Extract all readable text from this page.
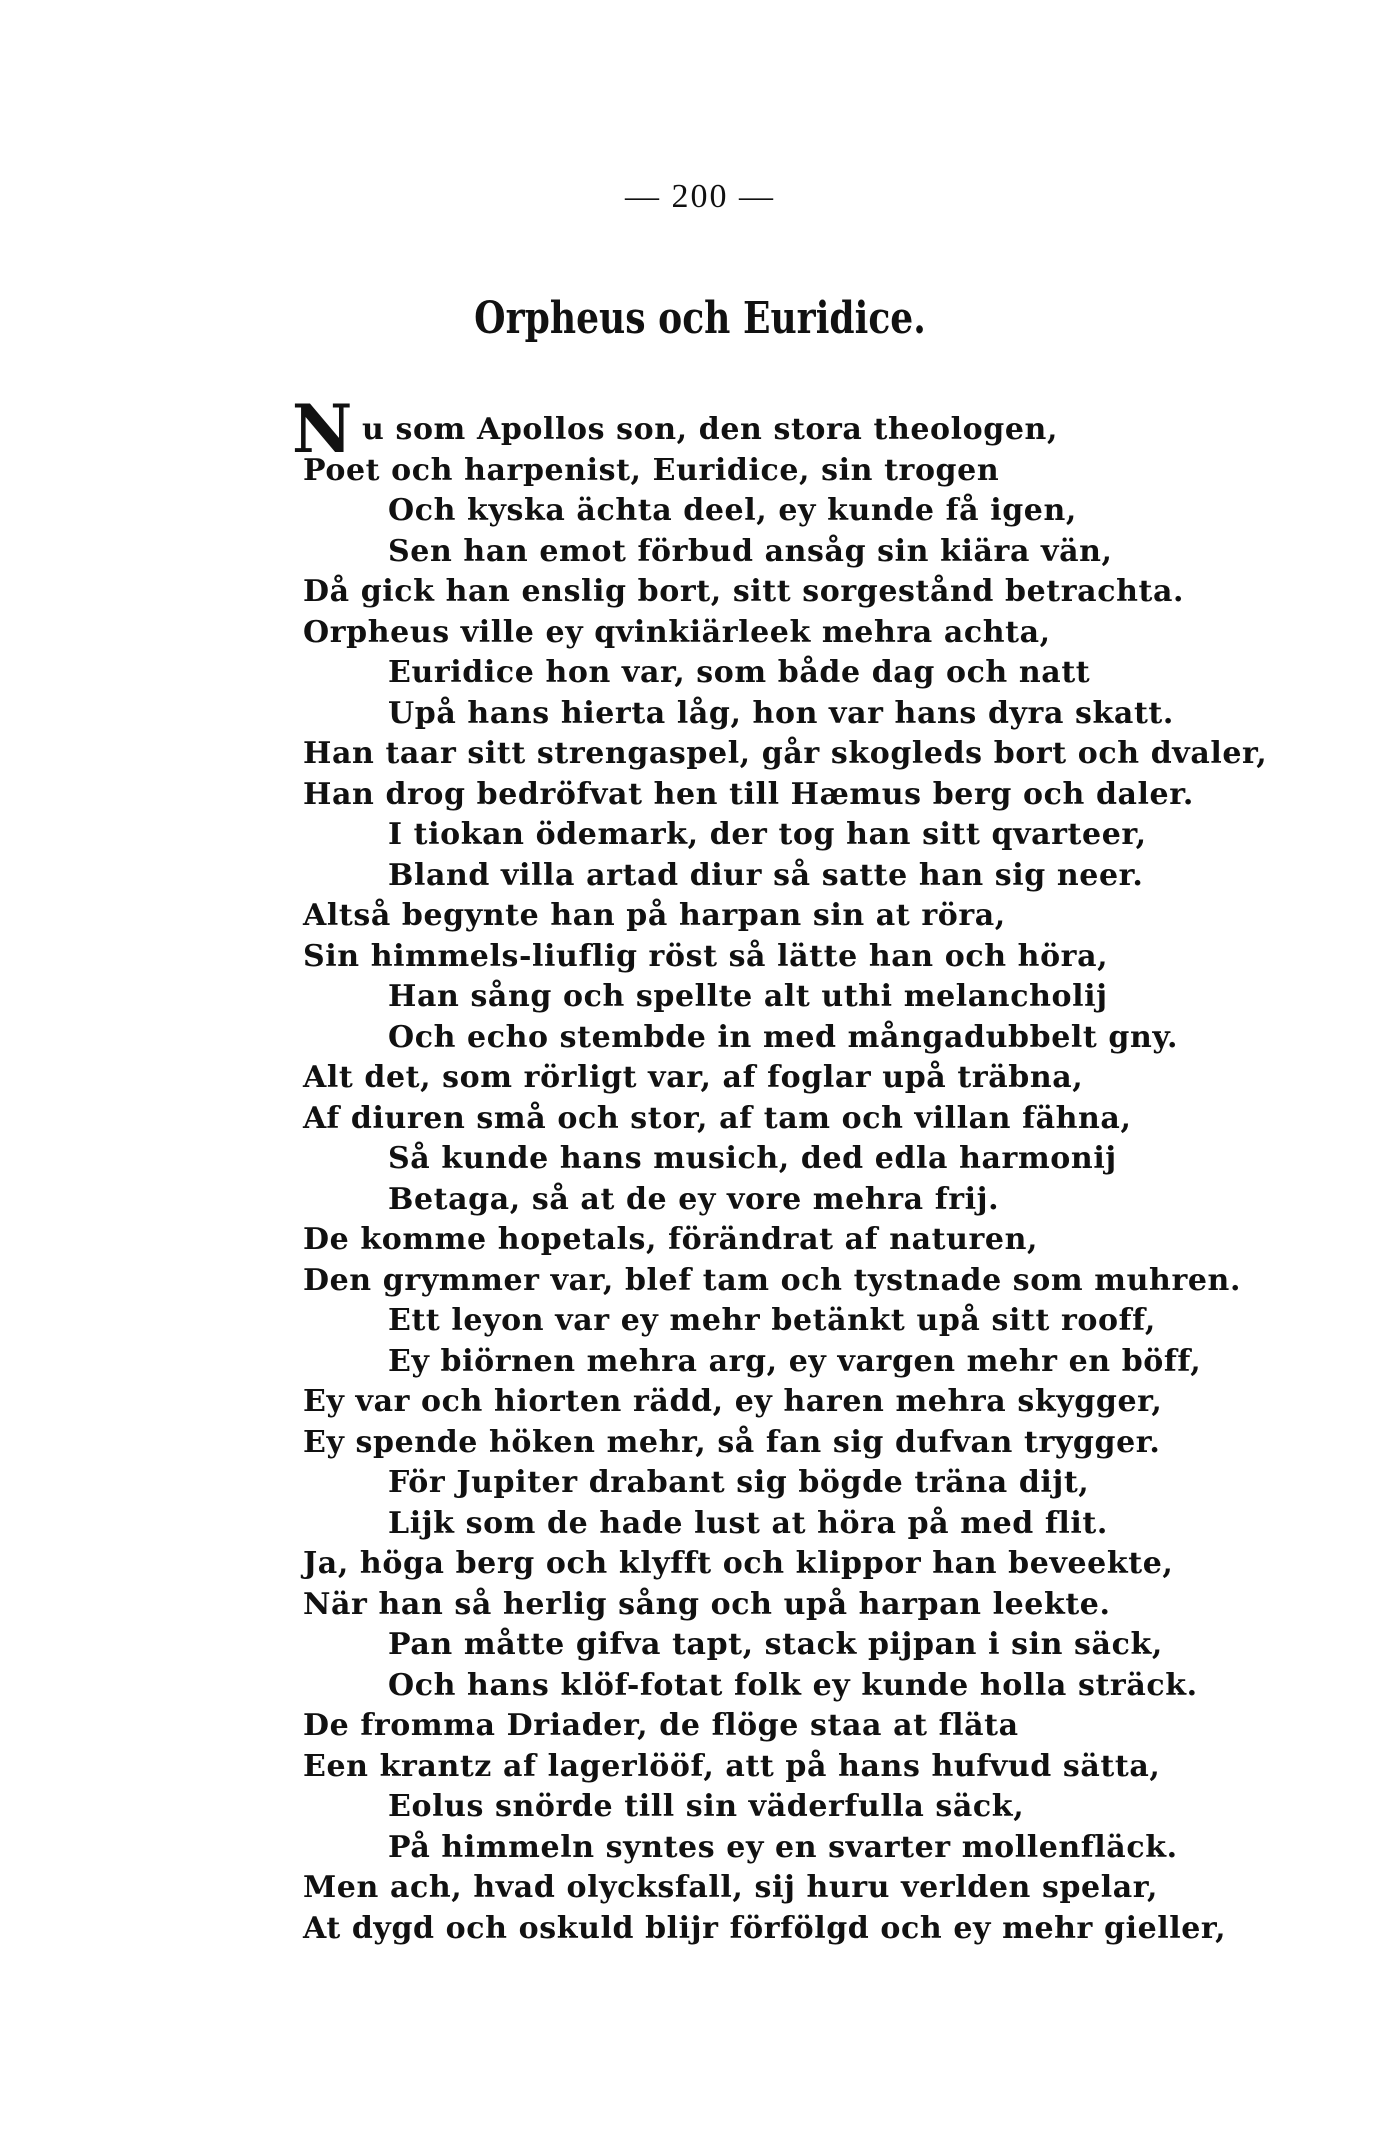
— 200 —
Orpheus och Euridice.
N u som Apollos son, den stora theologen,
Poet och harpenist, Euridice, sin trogen
Och kyska ächta deel, ey kunde få igen,
Sen han emot förbud ansåg sin kiära vän,
Då gick han enslig bort, sitt sorgestånd betrachta.
Orpheus ville ey qvinkiärleek mehra achta,
Euridice hon var, som både dag och natt
Upå hans hierta låg, hon var hans dyra skatt.
Han taar sitt strengaspel, går skogleds bort och dvaler,
Han drog bedröfvat hen till Hæmus berg och daler.
I tiokan ödemark, der tog han sitt qvarteer,
Bland villa artad diur så satte han sig neer.
Altså begynte han på harpan sin at röra,
Sin himmels-liuflig röst så lätte han och höra,
Han sång och spellte alt uthi melancholij
Och echo stembde in med mångadubbelt gny.
Alt det, som rörligt var, af foglar upå träbna,
Af diuren små och stor, af tam och villan fähna,
Så kunde hans musich, ded edla harmonij
Betaga, så at de ey vore mehra frij.
De komme hopetals, förändrat af naturen,
Den grymmer var, blef tam och tystnade som muhren.
Ett leyon var ey mehr betänkt upå sitt rooff,
Ey biörnen mehra arg, ey vargen mehr en böff,
Ey var och hiorten rädd, ey haren mehra skygger,
Ey spende höken mehr, så fan sig dufvan trygger.
För Jupiter drabant sig bögde träna dijt,
Lijk som de hade lust at höra på med flit.
Ja, höga berg och klyfft och klippor han beveekte,
När han så herlig sång och upå harpan leekte.
Pan måtte gifva tapt, stack pijpan i sin säck,
Och hans klöf-fotat folk ey kunde holla sträck.
De fromma Driader, de flöge staa at fläta
Een krantz af lagerlööf, att på hans hufvud sätta,
Eolus snörde till sin väderfulla säck,
På himmeln syntes ey en svarter mollenfläck.
Men ach, hvad olycksfall, sij huru verlden spelar,
At dygd och oskuld blijr förfölgd och ey mehr gieller,
